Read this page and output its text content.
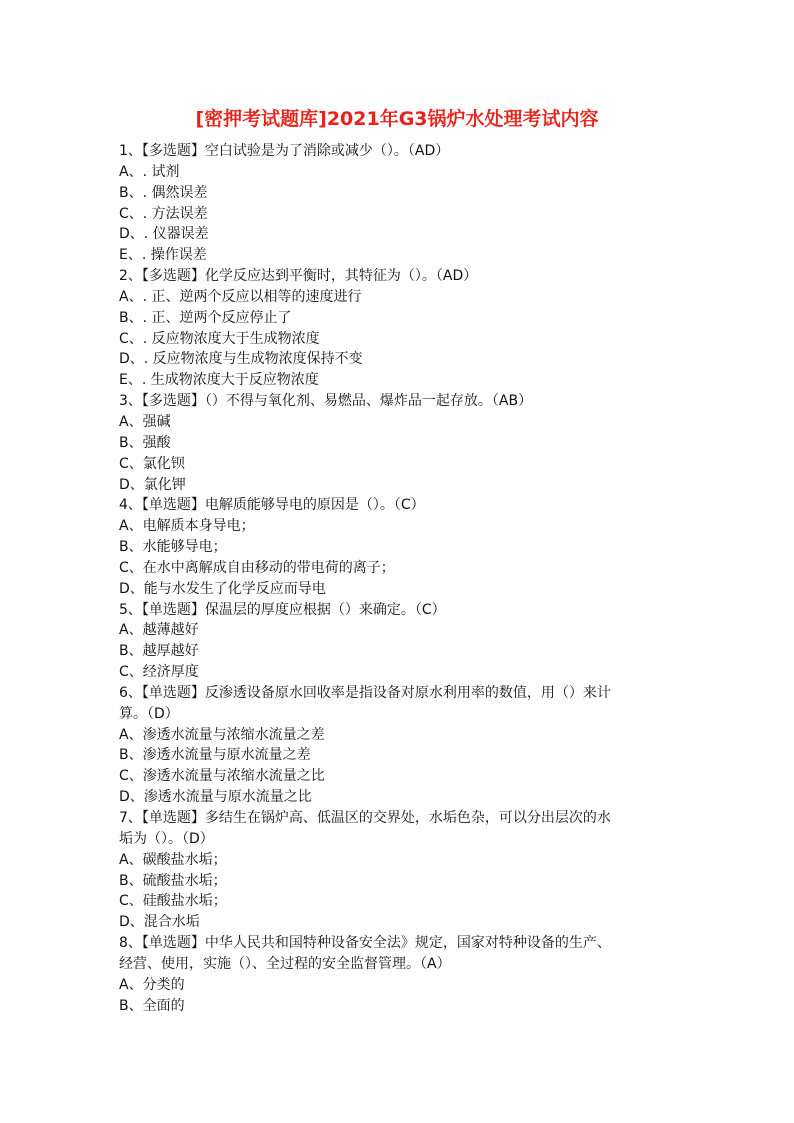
[密押考试题库]2021年G3锅炉水处理考试内容
1、【多选题】空白试验是为了消除或减少（）。（AD）
A、. 试剂
B、. 偶然误差
C、. 方法误差
D、. 仪器误差
E、. 操作误差
2、【多选题】化学反应达到平衡时，其特征为（）。（AD）
A、. 正、逆两个反应以相等的速度进行
B、. 正、逆两个反应停止了
C、. 反应物浓度大于生成物浓度
D、. 反应物浓度与生成物浓度保持不变
E、. 生成物浓度大于反应物浓度
3、【多选题】（）不得与氧化剂、易燃品、爆炸品一起存放。（AB）
A、强碱
B、强酸
C、氯化钡
D、氯化钾
4、【单选题】电解质能够导电的原因是（）。（C）
A、电解质本身导电；
B、水能够导电；
C、在水中离解成自由移动的带电荷的离子；
D、能与水发生了化学反应而导电
5、【单选题】保温层的厚度应根据（）来确定。（C）
A、越薄越好
B、越厚越好
C、经济厚度
6、【单选题】反渗透设备原水回收率是指设备对原水利用率的数值，用（）来计
算。（D）
A、渗透水流量与浓缩水流量之差
B、渗透水流量与原水流量之差
C、渗透水流量与浓缩水流量之比
D、渗透水流量与原水流量之比
7、【单选题】多结生在锅炉高、低温区的交界处，水垢色杂，可以分出层次的水
垢为（）。（D）
A、碳酸盐水垢；
B、硫酸盐水垢；
C、硅酸盐水垢；
D、混合水垢
8、【单选题】中华人民共和国特种设备安全法》规定，国家对特种设备的生产、
经营、使用，实施（）、全过程的安全监督管理。（A）
A、分类的
B、全面的
